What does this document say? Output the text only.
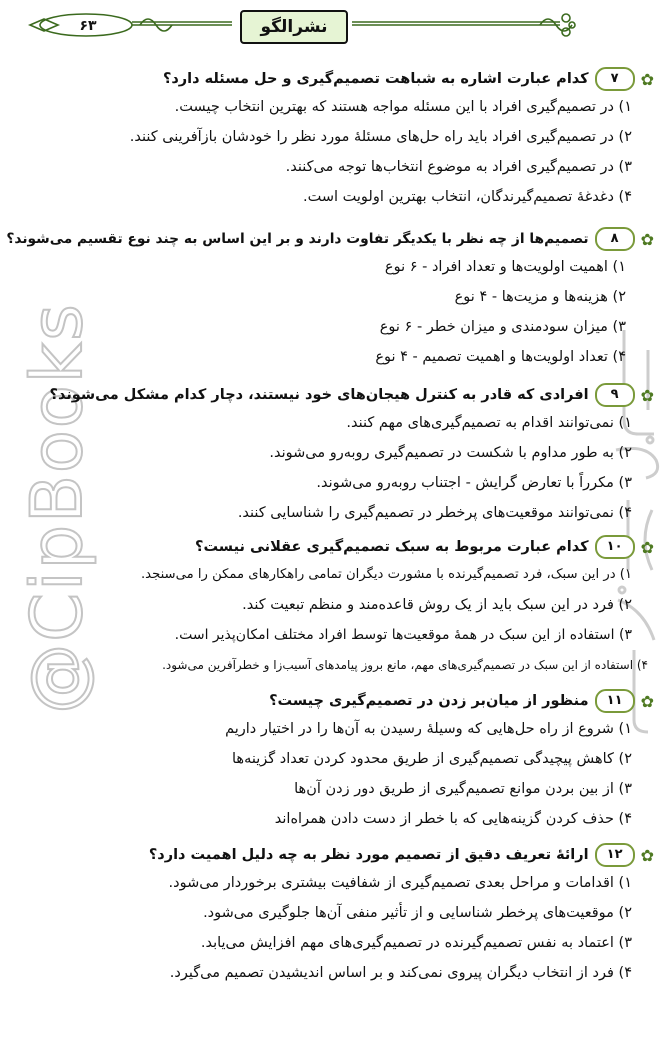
۶۳	نشرالگو
@CipBooks
✿
۷
کدام عبارت اشاره به شباهت تصمیم‌گیری و حل مسئله دارد؟
۱) در تصمیم‌گیری افراد با این مسئله مواجه هستند که بهترین انتخاب چیست.
۲) در تصمیم‌گیری افراد باید راه حل‌های مسئلهٔ مورد نظر را خودشان بازآفرینی کنند.
۳) در تصمیم‌گیری افراد به موضوع انتخاب‌ها توجه می‌کنند.
۴) دغدغهٔ تصمیم‌گیرندگان، انتخاب بهترین اولویت است.
✿
۸
تصمیم‌ها از چه نظر با یکدیگر تفاوت دارند و بر این اساس به چند نوع تقسیم می‌شوند؟
۱) اهمیت اولویت‌ها و تعداد افراد - ۶ نوع
۲) هزینه‌ها و مزیت‌ها - ۴ نوع
۳) میزان سودمندی و میزان خطر - ۶ نوع
۴) تعداد اولویت‌ها و اهمیت تصمیم - ۴ نوع
✿
۹
افرادی که قادر به کنترل هیجان‌های خود نیستند، دچار کدام مشکل می‌شوند؟
۱) نمی‌توانند اقدام به تصمیم‌گیری‌های مهم کنند.
۲) به طور مداوم با شکست در تصمیم‌گیری روبه‌رو می‌شوند.
۳) مکرراً با تعارض گرایش - اجتناب روبه‌رو می‌شوند.
۴) نمی‌توانند موقعیت‌های پرخطر در تصمیم‌گیری را شناسایی کنند.
✿
۱۰
کدام عبارت مربوط به سبک تصمیم‌گیری عقلانی نیست؟
۱) در این سبک، فرد تصمیم‌گیرنده با مشورت دیگران تمامی راهکارهای ممکن را می‌سنجد.
۲) فرد در این سبک باید از یک روش قاعده‌مند و منظم تبعیت کند.
۳) استفاده از این سبک در همهٔ موقعیت‌ها توسط افراد مختلف امکان‌پذیر است.
۴) استفاده از این سبک در تصمیم‌گیری‌های مهم، مانع بروز پیامدهای آسیب‌زا و خطرآفرین می‌شود.
✿
۱۱
منظور از میان‌بر زدن در تصمیم‌گیری چیست؟
۱) شروع از راه حل‌هایی که وسیلهٔ رسیدن به آن‌ها را در اختیار داریم
۲) کاهش پیچیدگی تصمیم‌گیری از طریق محدود کردن تعداد گزینه‌ها
۳) از بین بردن موانع تصمیم‌گیری از طریق دور زدن آن‌ها
۴) حذف کردن گزینه‌هایی که با خطر از دست دادن همراه‌اند
✿
۱۲
ارائهٔ تعریف دقیق از تصمیم مورد نظر به چه دلیل اهمیت دارد؟
۱) اقدامات و مراحل بعدی تصمیم‌گیری از شفافیت بیشتری برخوردار می‌شود.
۲) موقعیت‌های پرخطر شناسایی و از تأثیر منفی آن‌ها جلوگیری می‌شود.
۳) اعتماد به نفس تصمیم‌گیرنده در تصمیم‌گیری‌های مهم افزایش می‌یابد.
۴) فرد از انتخاب دیگران پیروی نمی‌کند و بر اساس اندیشیدن تصمیم می‌گیرد.
